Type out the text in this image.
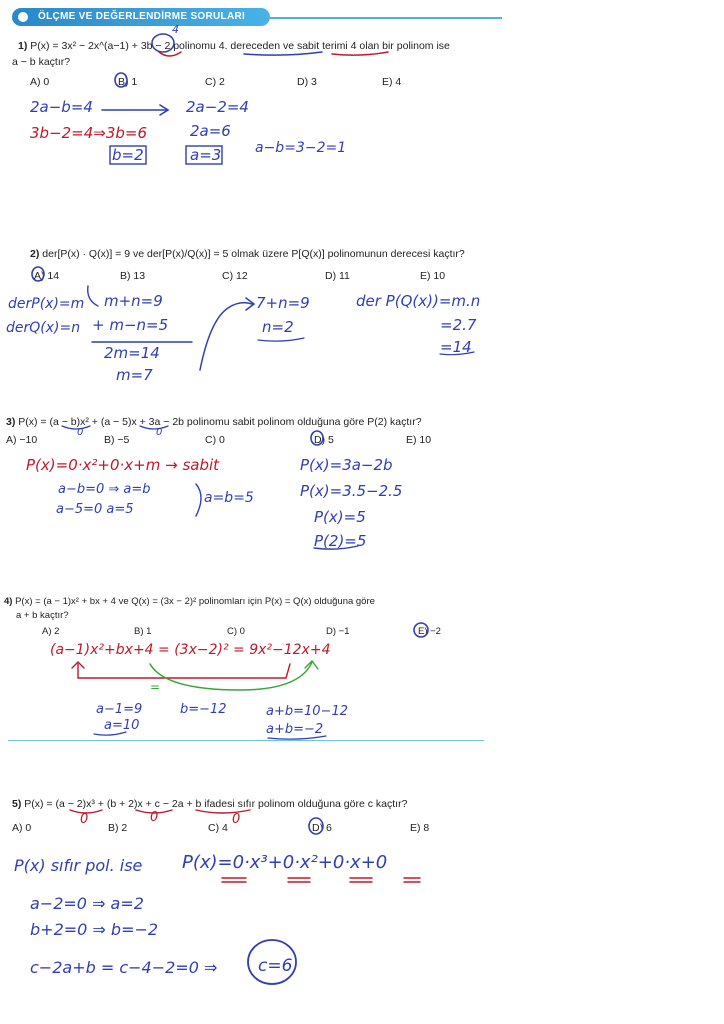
ÖLÇME VE DEĞERLENDİRME SORULARI
1) P(x) = 3x² − 2x^(a−1) + 3b − 2 polinomu 4. dereceden ve sabit terimi 4 olan bir polinom ise
a − b kaçtır?
A) 0	B) 1	C) 2	D) 3	E) 4
4
2a−b=4
3b−2=4⇒3b=6
b=2
2a−2=4
2a=6
a=3 a−b=3−2=1
2) der[P(x) · Q(x)] = 9 ve der[P(x)/Q(x)] = 5 olmak üzere P[Q(x)] polinomunun derecesi kaçtır?
A) 14	B) 13	C) 12	D) 11	E) 10
derP(x)=m
derQ(x)=n
m+n=9
+ m−n=5
2m=14
m=7
7+n=9
n=2
der P(Q(x))=m.n
=2.7
=14
3) P(x) = (a − b)x² + (a − 5)x + 3a − 2b polinomu sabit polinom olduğuna göre P(2) kaçtır?
A) −10	B) −5	C) 0	D) 5	E) 10
0	0
P(x)=0·x²+0·x+m → sabit
a−b=0 ⇒ a=b
a−5=0 a=5
a=b=5
P(x)=3a−2b
P(x)=3.5−2.5
P(x)=5
P(2)=5
4) P(x) = (a − 1)x² + bx + 4 ve Q(x) = (3x − 2)² polinomları için P(x) = Q(x) olduğuna göre
a + b kaçtır?
A) 2	B) 1	C) 0	D) −1	E) −2
(a−1)x²+bx+4 = (3x−2)² = 9x²−12x+4
=
a−1=9
a=10
b=−12	a+b=10−12
a+b=−2
5) P(x) = (a − 2)x³ + (b + 2)x + c − 2a + b ifadesi sıfır polinom olduğuna göre c kaçtır?
A) 0	B) 2	C) 4	D) 6	E) 8
0	0	0
P(x) sıfır pol. ise P(x)=0·x³+0·x²+0·x+0
a−2=0 ⇒ a=2
b+2=0 ⇒ b=−2
c−2a+b = c−4−2=0 ⇒ c=6
